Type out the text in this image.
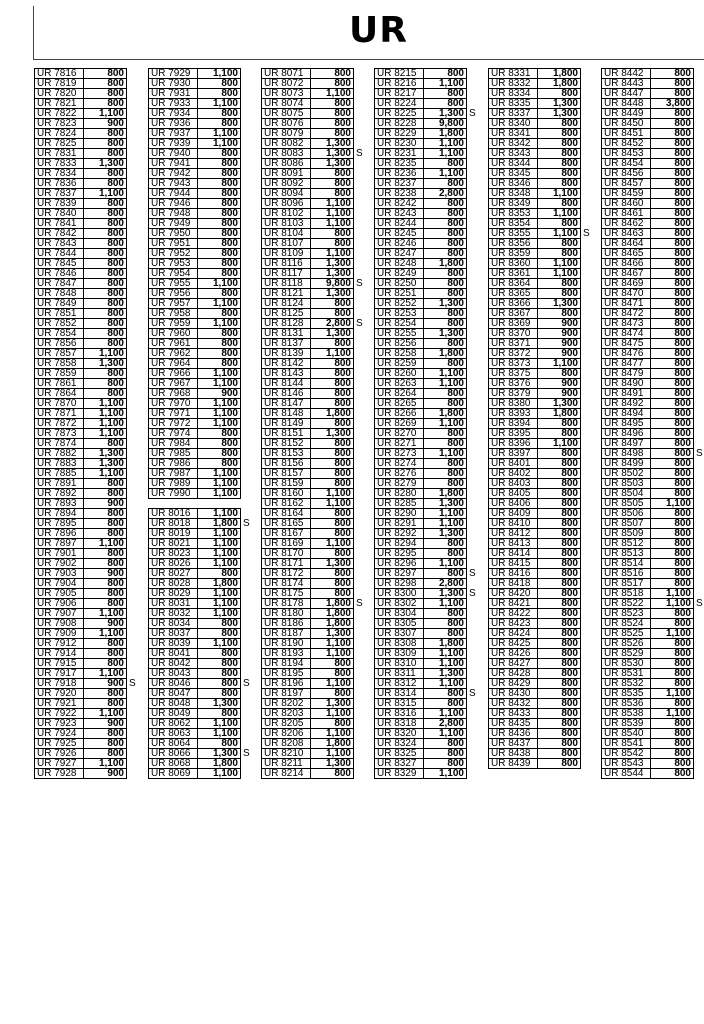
UR
UR 7816	800	
UR 7819	800	
UR 7820	800	
UR 7821	800	
UR 7822	1,100	
UR 7823	900	
UR 7824	800	
UR 7825	800	
UR 7831	800	
UR 7833	1,300	
UR 7834	800	
UR 7836	800	
UR 7837	1,100	
UR 7839	800	
UR 7840	800	
UR 7841	800	
UR 7842	800	
UR 7843	800	
UR 7844	800	
UR 7845	800	
UR 7846	800	
UR 7847	800	
UR 7848	800	
UR 7849	800	
UR 7851	800	
UR 7852	800	
UR 7854	800	
UR 7856	800	
UR 7857	1,100	
UR 7858	1,300	
UR 7859	800	
UR 7861	800	
UR 7864	800	
UR 7870	1,100	
UR 7871	1,100	
UR 7872	1,100	
UR 7873	1,100	
UR 7874	800	
UR 7882	1,300	
UR 7883	1,300	
UR 7885	1,100	
UR 7891	800	
UR 7892	800	
UR 7893	900	
UR 7894	800	
UR 7895	800	
UR 7896	800	
UR 7897	1,100	
UR 7901	800	
UR 7902	800	
UR 7903	900	
UR 7904	800	
UR 7905	800	
UR 7906	800	
UR 7907	1,100	
UR 7908	900	
UR 7909	1,100	
UR 7912	800	
UR 7914	800	
UR 7915	800	
UR 7917	1,100	
UR 7918	900	S
UR 7920	800	
UR 7921	800	
UR 7922	1,100	
UR 7923	900	
UR 7924	800	
UR 7925	800	
UR 7926	800	
UR 7927	1,100	
UR 7928	900	
UR 7929	1,100	
UR 7930	800	
UR 7931	800	
UR 7933	1,100	
UR 7934	800	
UR 7936	800	
UR 7937	1,100	
UR 7939	1,100	
UR 7940	800	
UR 7941	800	
UR 7942	800	
UR 7943	800	
UR 7944	800	
UR 7946	800	
UR 7948	800	
UR 7949	800	
UR 7950	800	
UR 7951	800	
UR 7952	800	
UR 7953	800	
UR 7954	800	
UR 7955	1,100	
UR 7956	800	
UR 7957	1,100	
UR 7958	800	
UR 7959	1,100	
UR 7960	800	
UR 7961	800	
UR 7962	800	
UR 7964	800	
UR 7966	1,100	
UR 7967	1,100	
UR 7968	900	
UR 7970	1,100	
UR 7971	1,100	
UR 7972	1,100	
UR 7974	800	
UR 7984	800	
UR 7985	800	
UR 7986	800	
UR 7987	1,100	
UR 7989	1,100	
UR 7990	1,100	

UR 8016	1,100	
UR 8018	1,800	S
UR 8019	1,100	
UR 8021	1,100	
UR 8023	1,100	
UR 8026	1,100	
UR 8027	800	
UR 8028	1,800	
UR 8029	1,100	
UR 8031	1,100	
UR 8032	1,100	
UR 8034	800	
UR 8037	800	
UR 8039	1,100	
UR 8041	800	
UR 8042	800	
UR 8043	800	
UR 8046	800	S
UR 8047	800	
UR 8048	1,300	
UR 8049	800	
UR 8062	1,100	
UR 8063	1,100	
UR 8064	800	
UR 8066	1,300	S
UR 8068	1,800	
UR 8069	1,100	
UR 8071	800	
UR 8072	800	
UR 8073	1,100	
UR 8074	800	
UR 8075	800	
UR 8076	800	
UR 8079	800	
UR 8082	1,300	
UR 8083	1,300	S
UR 8086	1,300	
UR 8091	800	
UR 8092	800	
UR 8094	800	
UR 8096	1,100	
UR 8102	1,100	
UR 8103	1,100	
UR 8104	800	
UR 8107	800	
UR 8109	1,100	
UR 8116	1,300	
UR 8117	1,300	
UR 8118	9,800	S
UR 8121	1,300	
UR 8124	800	
UR 8125	800	
UR 8128	2,800	S
UR 8131	1,300	
UR 8137	800	
UR 8139	1,100	
UR 8142	800	
UR 8143	800	
UR 8144	800	
UR 8146	800	
UR 8147	800	
UR 8148	1,800	
UR 8149	800	
UR 8151	1,300	
UR 8152	800	
UR 8153	800	
UR 8156	800	
UR 8157	800	
UR 8159	800	
UR 8160	1,100	
UR 8162	1,100	
UR 8164	800	
UR 8165	800	
UR 8167	800	
UR 8169	1,100	
UR 8170	800	
UR 8171	1,300	
UR 8172	800	
UR 8174	800	
UR 8175	800	
UR 8178	1,800	S
UR 8180	1,800	
UR 8186	1,800	
UR 8187	1,300	
UR 8190	1,100	
UR 8193	1,100	
UR 8194	800	
UR 8195	800	
UR 8196	1,100	
UR 8197	800	
UR 8202	1,300	
UR 8203	1,100	
UR 8205	800	
UR 8206	1,100	
UR 8208	1,800	
UR 8210	1,100	
UR 8211	1,300	
UR 8214	800	
UR 8215	800	
UR 8216	1,100	
UR 8217	800	
UR 8224	800	
UR 8225	1,300	S
UR 8228	9,800	
UR 8229	1,800	
UR 8230	1,100	
UR 8231	1,100	
UR 8235	800	
UR 8236	1,100	
UR 8237	800	
UR 8238	2,800	
UR 8242	800	
UR 8243	800	
UR 8244	800	
UR 8245	800	
UR 8246	800	
UR 8247	800	
UR 8248	1,800	
UR 8249	800	
UR 8250	800	
UR 8251	800	
UR 8252	1,300	
UR 8253	800	
UR 8254	800	
UR 8255	1,300	
UR 8256	800	
UR 8258	1,800	
UR 8259	800	
UR 8260	1,100	
UR 8263	1,100	
UR 8264	800	
UR 8265	800	
UR 8266	1,800	
UR 8269	1,100	
UR 8270	800	
UR 8271	800	
UR 8273	1,100	
UR 8274	800	
UR 8276	800	
UR 8279	800	
UR 8280	1,800	
UR 8285	1,300	
UR 8290	1,100	
UR 8291	1,100	
UR 8292	1,300	
UR 8294	800	
UR 8295	800	
UR 8296	1,100	
UR 8297	800	S
UR 8298	2,800	
UR 8300	1,300	S
UR 8302	1,100	
UR 8304	800	
UR 8305	800	
UR 8307	800	
UR 8308	1,800	
UR 8309	1,100	
UR 8310	1,100	
UR 8311	1,300	
UR 8312	1,100	
UR 8314	800	S
UR 8315	800	
UR 8316	1,100	
UR 8318	2,800	
UR 8320	1,100	
UR 8324	800	
UR 8325	800	
UR 8327	800	
UR 8329	1,100	
UR 8331	1,800	
UR 8332	1,800	
UR 8334	800	
UR 8335	1,300	
UR 8337	1,300	
UR 8340	800	
UR 8341	800	
UR 8342	800	
UR 8343	800	
UR 8344	800	
UR 8345	800	
UR 8346	800	
UR 8348	1,100	
UR 8349	800	
UR 8353	1,100	
UR 8354	800	
UR 8355	1,100	S
UR 8356	800	
UR 8359	800	
UR 8360	1,100	
UR 8361	1,100	
UR 8364	800	
UR 8365	800	
UR 8366	1,300	
UR 8367	800	
UR 8369	900	
UR 8370	900	
UR 8371	900	
UR 8372	900	
UR 8373	1,100	
UR 8375	800	
UR 8376	900	
UR 8379	900	
UR 8380	1,300	
UR 8393	1,800	
UR 8394	800	
UR 8395	800	
UR 8396	1,100	
UR 8397	800	
UR 8401	800	
UR 8402	800	
UR 8403	800	
UR 8405	800	
UR 8406	800	
UR 8409	800	
UR 8410	800	
UR 8412	800	
UR 8413	800	
UR 8414	800	
UR 8415	800	
UR 8416	800	
UR 8418	800	
UR 8420	800	
UR 8421	800	
UR 8422	800	
UR 8423	800	
UR 8424	800	
UR 8425	800	
UR 8426	800	
UR 8427	800	
UR 8428	800	
UR 8429	800	
UR 8430	800	
UR 8432	800	
UR 8433	800	
UR 8435	800	
UR 8436	800	
UR 8437	800	
UR 8438	800	
UR 8439	800	
UR 8442	800	
UR 8443	800	
UR 8447	800	
UR 8448	3,800	
UR 8449	800	
UR 8450	800	
UR 8451	800	
UR 8452	800	
UR 8453	800	
UR 8454	800	
UR 8456	800	
UR 8457	800	
UR 8459	800	
UR 8460	800	
UR 8461	800	
UR 8462	800	
UR 8463	800	
UR 8464	800	
UR 8465	800	
UR 8466	800	
UR 8467	800	
UR 8469	800	
UR 8470	800	
UR 8471	800	
UR 8472	800	
UR 8473	800	
UR 8474	800	
UR 8475	800	
UR 8476	800	
UR 8477	800	
UR 8479	800	
UR 8490	800	
UR 8491	800	
UR 8492	800	
UR 8494	800	
UR 8495	800	
UR 8496	800	
UR 8497	800	
UR 8498	800	S
UR 8499	800	
UR 8502	800	
UR 8503	800	
UR 8504	800	
UR 8505	1,100	
UR 8506	800	
UR 8507	800	
UR 8509	800	
UR 8512	800	
UR 8513	800	
UR 8514	800	
UR 8516	800	
UR 8517	800	
UR 8518	1,100	
UR 8522	1,100	S
UR 8523	800	
UR 8524	800	
UR 8525	1,100	
UR 8526	800	
UR 8529	800	
UR 8530	800	
UR 8531	800	
UR 8532	800	
UR 8535	1,100	
UR 8536	800	
UR 8538	1,100	
UR 8539	800	
UR 8540	800	
UR 8541	800	
UR 8542	800	
UR 8543	800	
UR 8544	800	
